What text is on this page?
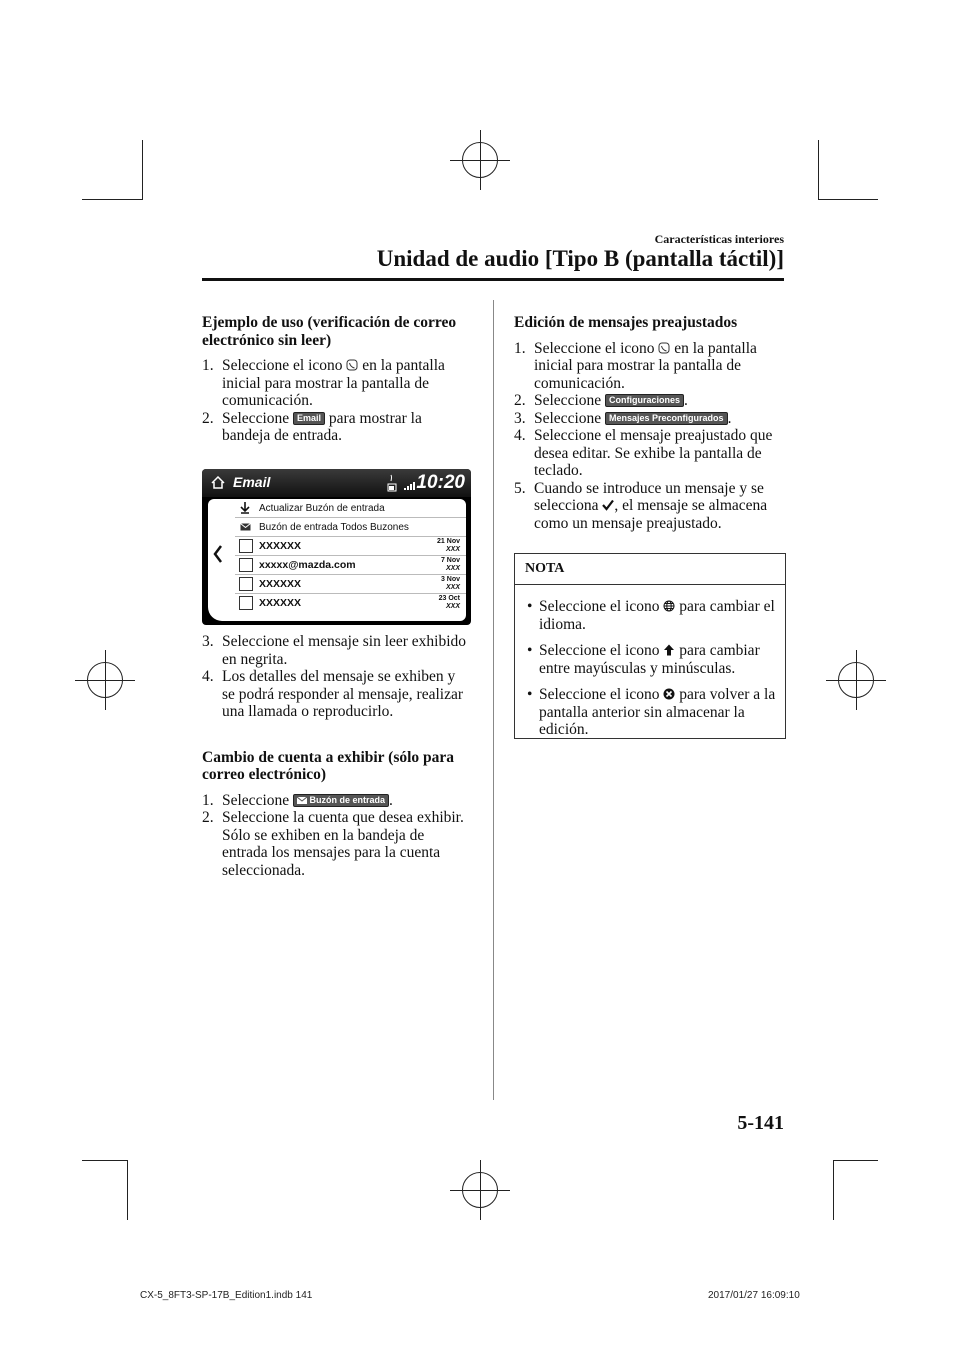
Características interiores
Unidad de audio [Tipo B (pantalla táctil)]
Ejemplo de uso (verificación de correo electrónico sin leer)
1. Seleccione el icono en la pantalla inicial para mostrar la pantalla de comunicación.
2. Seleccione Email para mostrar la bandeja de entrada.
Email	10:20
Actualizar Buzón de entrada
Buzón de entrada Todos Buzones
XXXXXX	21 Nov
XXX
xxxxx@mazda.com	7 Nov
XXX
XXXXXX	3 Nov
XXX
XXXXXX	23 Oct
XXX
3. Seleccione el mensaje sin leer exhibido en negrita.
4. Los detalles del mensaje se exhiben y se podrá responder al mensaje, realizar una llamada o reproducirlo.
Cambio de cuenta a exhibir (sólo para correo electrónico)
1. Seleccione Buzón de entrada .
2. Seleccione la cuenta que desea exhibir. Sólo se exhiben en la bandeja de entrada los mensajes para la cuenta seleccionada.
Edición de mensajes preajustados
1. Seleccione el icono en la pantalla inicial para mostrar la pantalla de comunicación.
2. Seleccione Configuraciones .
3. Seleccione Mensajes Preconfigurados .
4. Seleccione el mensaje preajustado que desea editar. Se exhibe la pantalla de teclado.
5. Cuando se introduce un mensaje y se selecciona , el mensaje se almacena como un mensaje preajustado.
NOTA
• Seleccione el icono para cambiar el idioma.
• Seleccione el icono para cambiar entre mayúsculas y minúsculas.
• Seleccione el icono para volver a la pantalla anterior sin almacenar la edición.
5-141
CX-5_8FT3-SP-17B_Edition1.indb 141	2017/01/27 16:09:10
